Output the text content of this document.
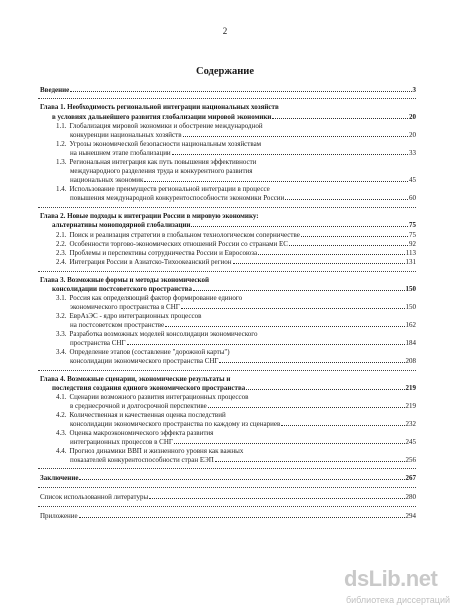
2
Содержание
Введение	3
Глава 1. Необходимость региональной интеграции национальных хозяйств
в условиях дальнейшего развития глобализации мировой экономики	20
1.1. Глобализация мировой экономики и обострение международной
конкуренции национальных хозяйств	20
1.2. Угрозы экономической безопасности национальным хозяйствам
на нынешнем этапе глобализации	33
1.3. Региональная интеграция как путь повышения эффективности
международного разделения труда и конкурентного развития
национальных экономик	45
1.4. Использование преимуществ региональной интеграции в процессе
повышения международной конкурентоспособности экономики России	60
Глава 2. Новые подходы к интеграции России в мировую экономику:
альтернативы моноподярной глобализации	75
2.1. Поиск и реализация стратегии в глобальном технологическом соперничестве	75
2.2. Особенности торгово-экономических отношений России со странами ЕС	92
2.3. Проблемы и перспективы сотрудничества России и Евросоюза	113
2.4. Интеграция России в Азиатско-Тихоокеанский регион	131
Глава 3. Возможные формы и методы экономической
консолидации постсоветского пространства	150
3.1. Россия как определяющий фактор формирование единого
экономического пространства в СНГ	150
3.2. ЕврАзЭС - ядро интеграционных процессов
на постсоветском пространстве	162
3.3. Разработка возможных моделей консолидации экономического
пространства СНГ	184
3.4. Определение этапов (составление "дорожной карты")
консолидации экономического пространства СНГ	208
Глава 4. Возможные сценарии, экономические результаты и
последствия создания единого экономического пространства	219
4.1. Сценарии возможного развития интеграционных процессов
в среднесрочной и долгосрочной перспективе	219
4.2. Количественная и качественная оценка последствий
консолидации экономического пространства по каждому из сценариев	232
4.3. Оценка макроэкономического эффекта развития
интеграционных процессов в СНГ	245
4.4. Прогноз динамики ВВП и жизненного уровня как важных
показателей конкурентоспособности стран ЕЭП	256
Заключение	267
Список использованной литературы	280
Приложение	294
dsLib.net
библиотека диссертаций
